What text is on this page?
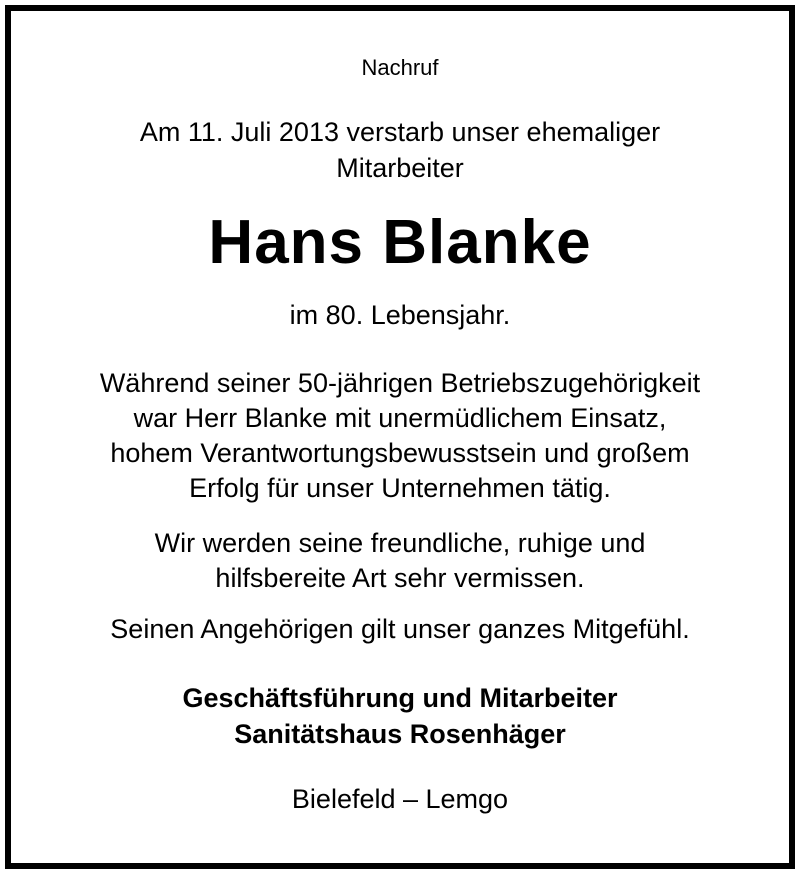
Nachruf
Am 11. Juli 2013 verstarb unser ehemaliger
Mitarbeiter
Hans Blanke
im 80. Lebensjahr.
Während seiner 50-jährigen Betriebszugehörigkeit
war Herr Blanke mit unermüdlichem Einsatz,
hohem Verantwortungsbewusstsein und großem
Erfolg für unser Unternehmen tätig.
Wir werden seine freundliche, ruhige und
hilfsbereite Art sehr vermissen.
Seinen Angehörigen gilt unser ganzes Mitgefühl.
Geschäftsführung und Mitarbeiter
Sanitätshaus Rosenhäger
Bielefeld – Lemgo
